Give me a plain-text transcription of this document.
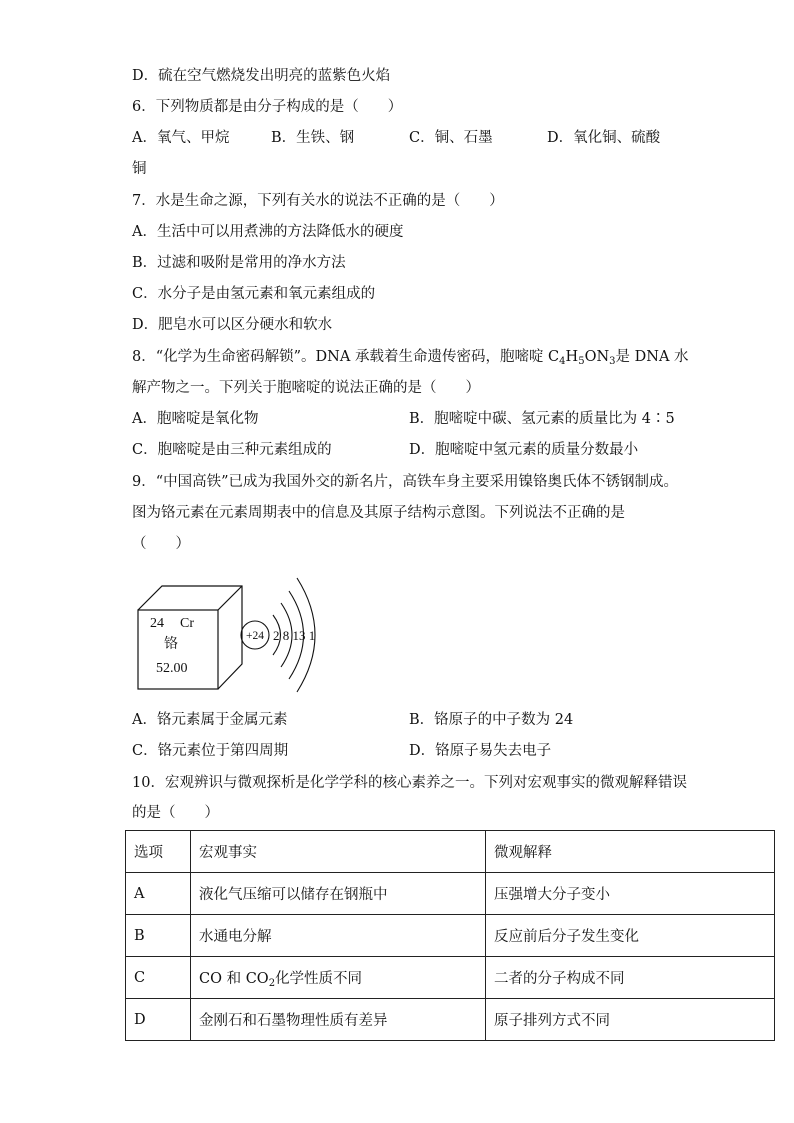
D．硫在空气燃烧发出明亮的蓝紫色火焰
6．下列物质都是由分子构成的是（　　）
A．氧气、甲烷	B．生铁、钢	C．铜、石墨	D．氧化铜、硫酸
铜
7．水是生命之源，下列有关水的说法不正确的是（　　）
A．生活中可以用煮沸的方法降低水的硬度
B．过滤和吸附是常用的净水方法
C．水分子是由氢元素和氧元素组成的
D．肥皂水可以区分硬水和软水
8．“化学为生命密码解锁”。DNA 承载着生命遗传密码，胞嘧啶 $C_4H_5ON_3$是 DNA 水
解产物之一。下列关于胞嘧啶的说法正确的是（　　）
A．胞嘧啶是氧化物	B．胞嘧啶中碳、氢元素的质量比为 4∶5
C．胞嘧啶是由三种元素组成的	D．胞嘧啶中氢元素的质量分数最小
9．“中国高铁”已成为我国外交的新名片，高铁车身主要采用镍铬奥氏体不锈钢制成。
图为铬元素在元素周期表中的信息及其原子结构示意图。下列说法不正确的是
（　　）
24 Cr
铬
52.00
+24 2 8 13 1
A．铬元素属于金属元素	B．铬原子的中子数为 24
C．铬元素位于第四周期	D．铬原子易失去电子
10．宏观辨识与微观探析是化学学科的核心素养之一。下列对宏观事实的微观解释错误
的是（　　）
选项	宏观事实	微观解释
A	液化气压缩可以储存在钢瓶中	压强增大分子变小
B	水通电分解	反应前后分子发生变化
C	CO 和 $CO_2$化学性质不同	二者的分子构成不同
D	金刚石和石墨物理性质有差异	原子排列方式不同
